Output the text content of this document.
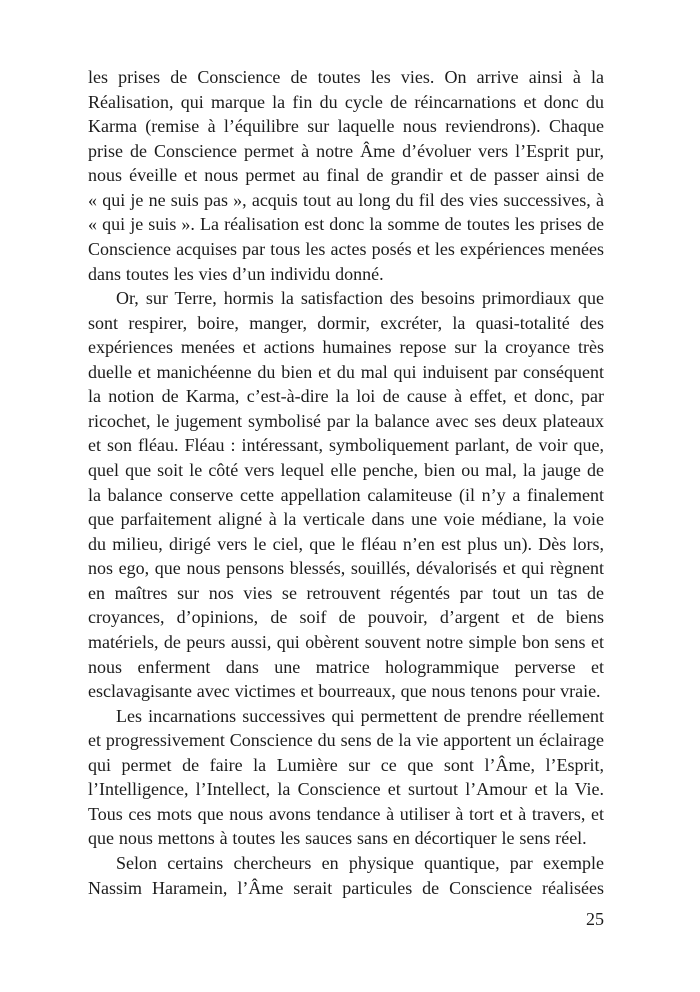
les prises de Conscience de toutes les vies. On arrive ainsi à la
Réalisation, qui marque la fin du cycle de réincarnations et donc du
Karma (remise à l’équilibre sur laquelle nous reviendrons). Chaque
prise de Conscience permet à notre Âme d’évoluer vers l’Esprit pur,
nous éveille et nous permet au final de grandir et de passer ainsi de
« qui je ne suis pas », acquis tout au long du fil des vies successives, à
« qui je suis ». La réalisation est donc la somme de toutes les prises de
Conscience acquises par tous les actes posés et les expériences menées
dans toutes les vies d’un individu donné.
Or, sur Terre, hormis la satisfaction des besoins primordiaux que
sont respirer, boire, manger, dormir, excréter, la quasi-totalité des
expériences menées et actions humaines repose sur la croyance très
duelle et manichéenne du bien et du mal qui induisent par conséquent
la notion de Karma, c’est-à-dire la loi de cause à effet, et donc, par
ricochet, le jugement symbolisé par la balance avec ses deux plateaux
et son fléau. Fléau : intéressant, symboliquement parlant, de voir que,
quel que soit le côté vers lequel elle penche, bien ou mal, la jauge de
la balance conserve cette appellation calamiteuse (il n’y a finalement
que parfaitement aligné à la verticale dans une voie médiane, la voie
du milieu, dirigé vers le ciel, que le fléau n’en est plus un). Dès lors,
nos ego, que nous pensons blessés, souillés, dévalorisés et qui règnent
en maîtres sur nos vies se retrouvent régentés par tout un tas de
croyances, d’opinions, de soif de pouvoir, d’argent et de biens
matériels, de peurs aussi, qui obèrent souvent notre simple bon sens et
nous enferment dans une matrice hologrammique perverse et
esclavagisante avec victimes et bourreaux, que nous tenons pour vraie.
Les incarnations successives qui permettent de prendre réellement
et progressivement Conscience du sens de la vie apportent un éclairage
qui permet de faire la Lumière sur ce que sont l’Âme, l’Esprit,
l’Intelligence, l’Intellect, la Conscience et surtout l’Amour et la Vie.
Tous ces mots que nous avons tendance à utiliser à tort et à travers, et
que nous mettons à toutes les sauces sans en décortiquer le sens réel.
Selon certains chercheurs en physique quantique, par exemple
Nassim Haramein, l’Âme serait particules de Conscience réalisées
25
